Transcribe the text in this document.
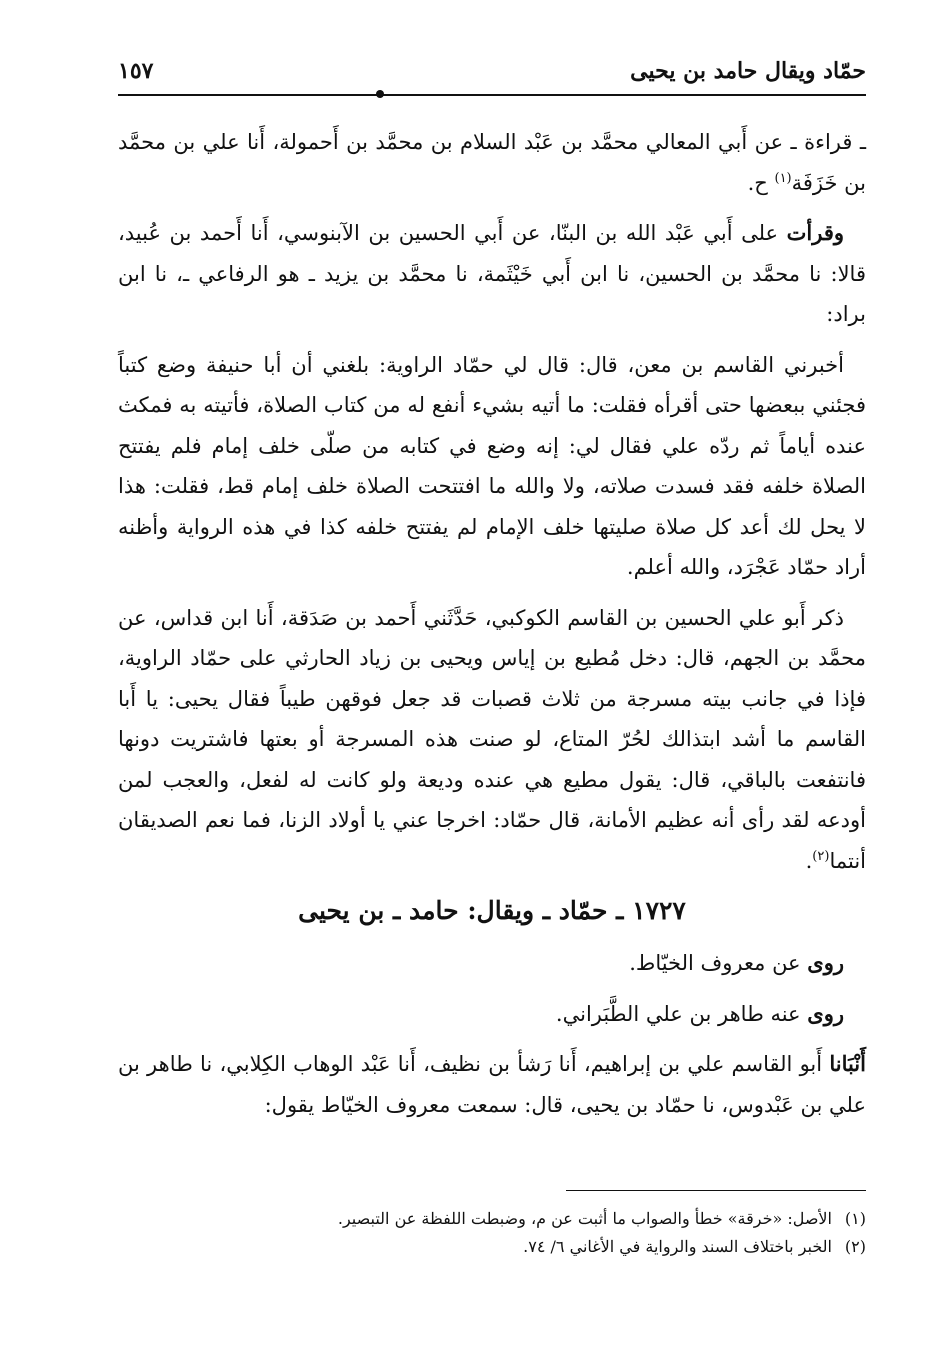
حمّاد ويقال حامد بن يحيى
١٥٧

ـ قراءة ـ عن أَبي المعالي محمَّد بن عَبْد السلام بن محمَّد بن أَحمولة، أَنا علي بن محمَّد بن خَزَفَة$^{(١)}$ ح.

وقرأت على أَبي عَبْد الله بن البنّا، عن أَبي الحسين بن الآبنوسي، أَنا أَحمد بن عُبيد، قالا: نا محمَّد بن الحسين، نا ابن أَبي خَيْثَمة، نا محمَّد بن يزيد ـ هو الرفاعي ـ، نا ابن براد:

أخبرني القاسم بن معن، قال: قال لي حمّاد الراوية: بلغني أن أبا حنيفة وضع كتباً فجئني ببعضها حتى أقرأه فقلت: ما أتيه بشيء أنفع له من كتاب الصلاة، فأتيته به فمكث عنده أياماً ثم ردّه علي فقال لي: إنه وضع في كتابه من صلّى خلف إمام فلم يفتتح الصلاة خلفه فقد فسدت صلاته، ولا والله ما افتتحت الصلاة خلف إمام قط، فقلت: هذا لا يحل لك أعد كل صلاة صليتها خلف الإمام لم يفتتح خلفه كذا في هذه الرواية وأظنه أراد حمّاد عَجْرَد، والله أعلم.

ذكر أَبو علي الحسين بن القاسم الكوكبي، حَدَّثَني أَحمد بن صَدَقة، أَنا ابن قداس، عن محمَّد بن الجهم، قال: دخل مُطيع بن إياس ويحيى بن زياد الحارثي على حمّاد الراوية، فإذا في جانب بيته مسرجة من ثلاث قصبات قد جعل فوقهن طيباً فقال يحيى: يا أَبا القاسم ما أشد ابتذالك لحُرّ المتاع، لو صنت هذه المسرجة أو بعتها فاشتريت دونها فانتفعت بالباقي، قال: يقول مطيع هي عنده وديعة ولو كانت له لفعل، والعجب لمن أودعه لقد رأى أنه عظيم الأمانة، قال حمّاد: اخرجا عني يا أولاد الزنا، فما نعم الصديقان أنتما$^{(٢)}$.

١٧٢٧ ـ حمّاد ـ ويقال: حامد ـ بن يحيى

روى عن معروف الخيّاط.

روى عنه طاهر بن علي الطَّبَراني.

أَنْبَانا أَبو القاسم علي بن إبراهيم، أَنا رَشأ بن نظيف، أَنا عَبْد الوهاب الكِلابي، نا طاهر بن علي بن عَبْدوس، نا حمّاد بن يحيى، قال: سمعت معروف الخيّاط يقول:

(١)الأصل: «خرقة» خطأ والصواب ما أثبت عن م، وضبطت اللفظة عن التبصير.

(٢)الخبر باختلاف السند والرواية في الأغاني ٦/ ٧٤.
